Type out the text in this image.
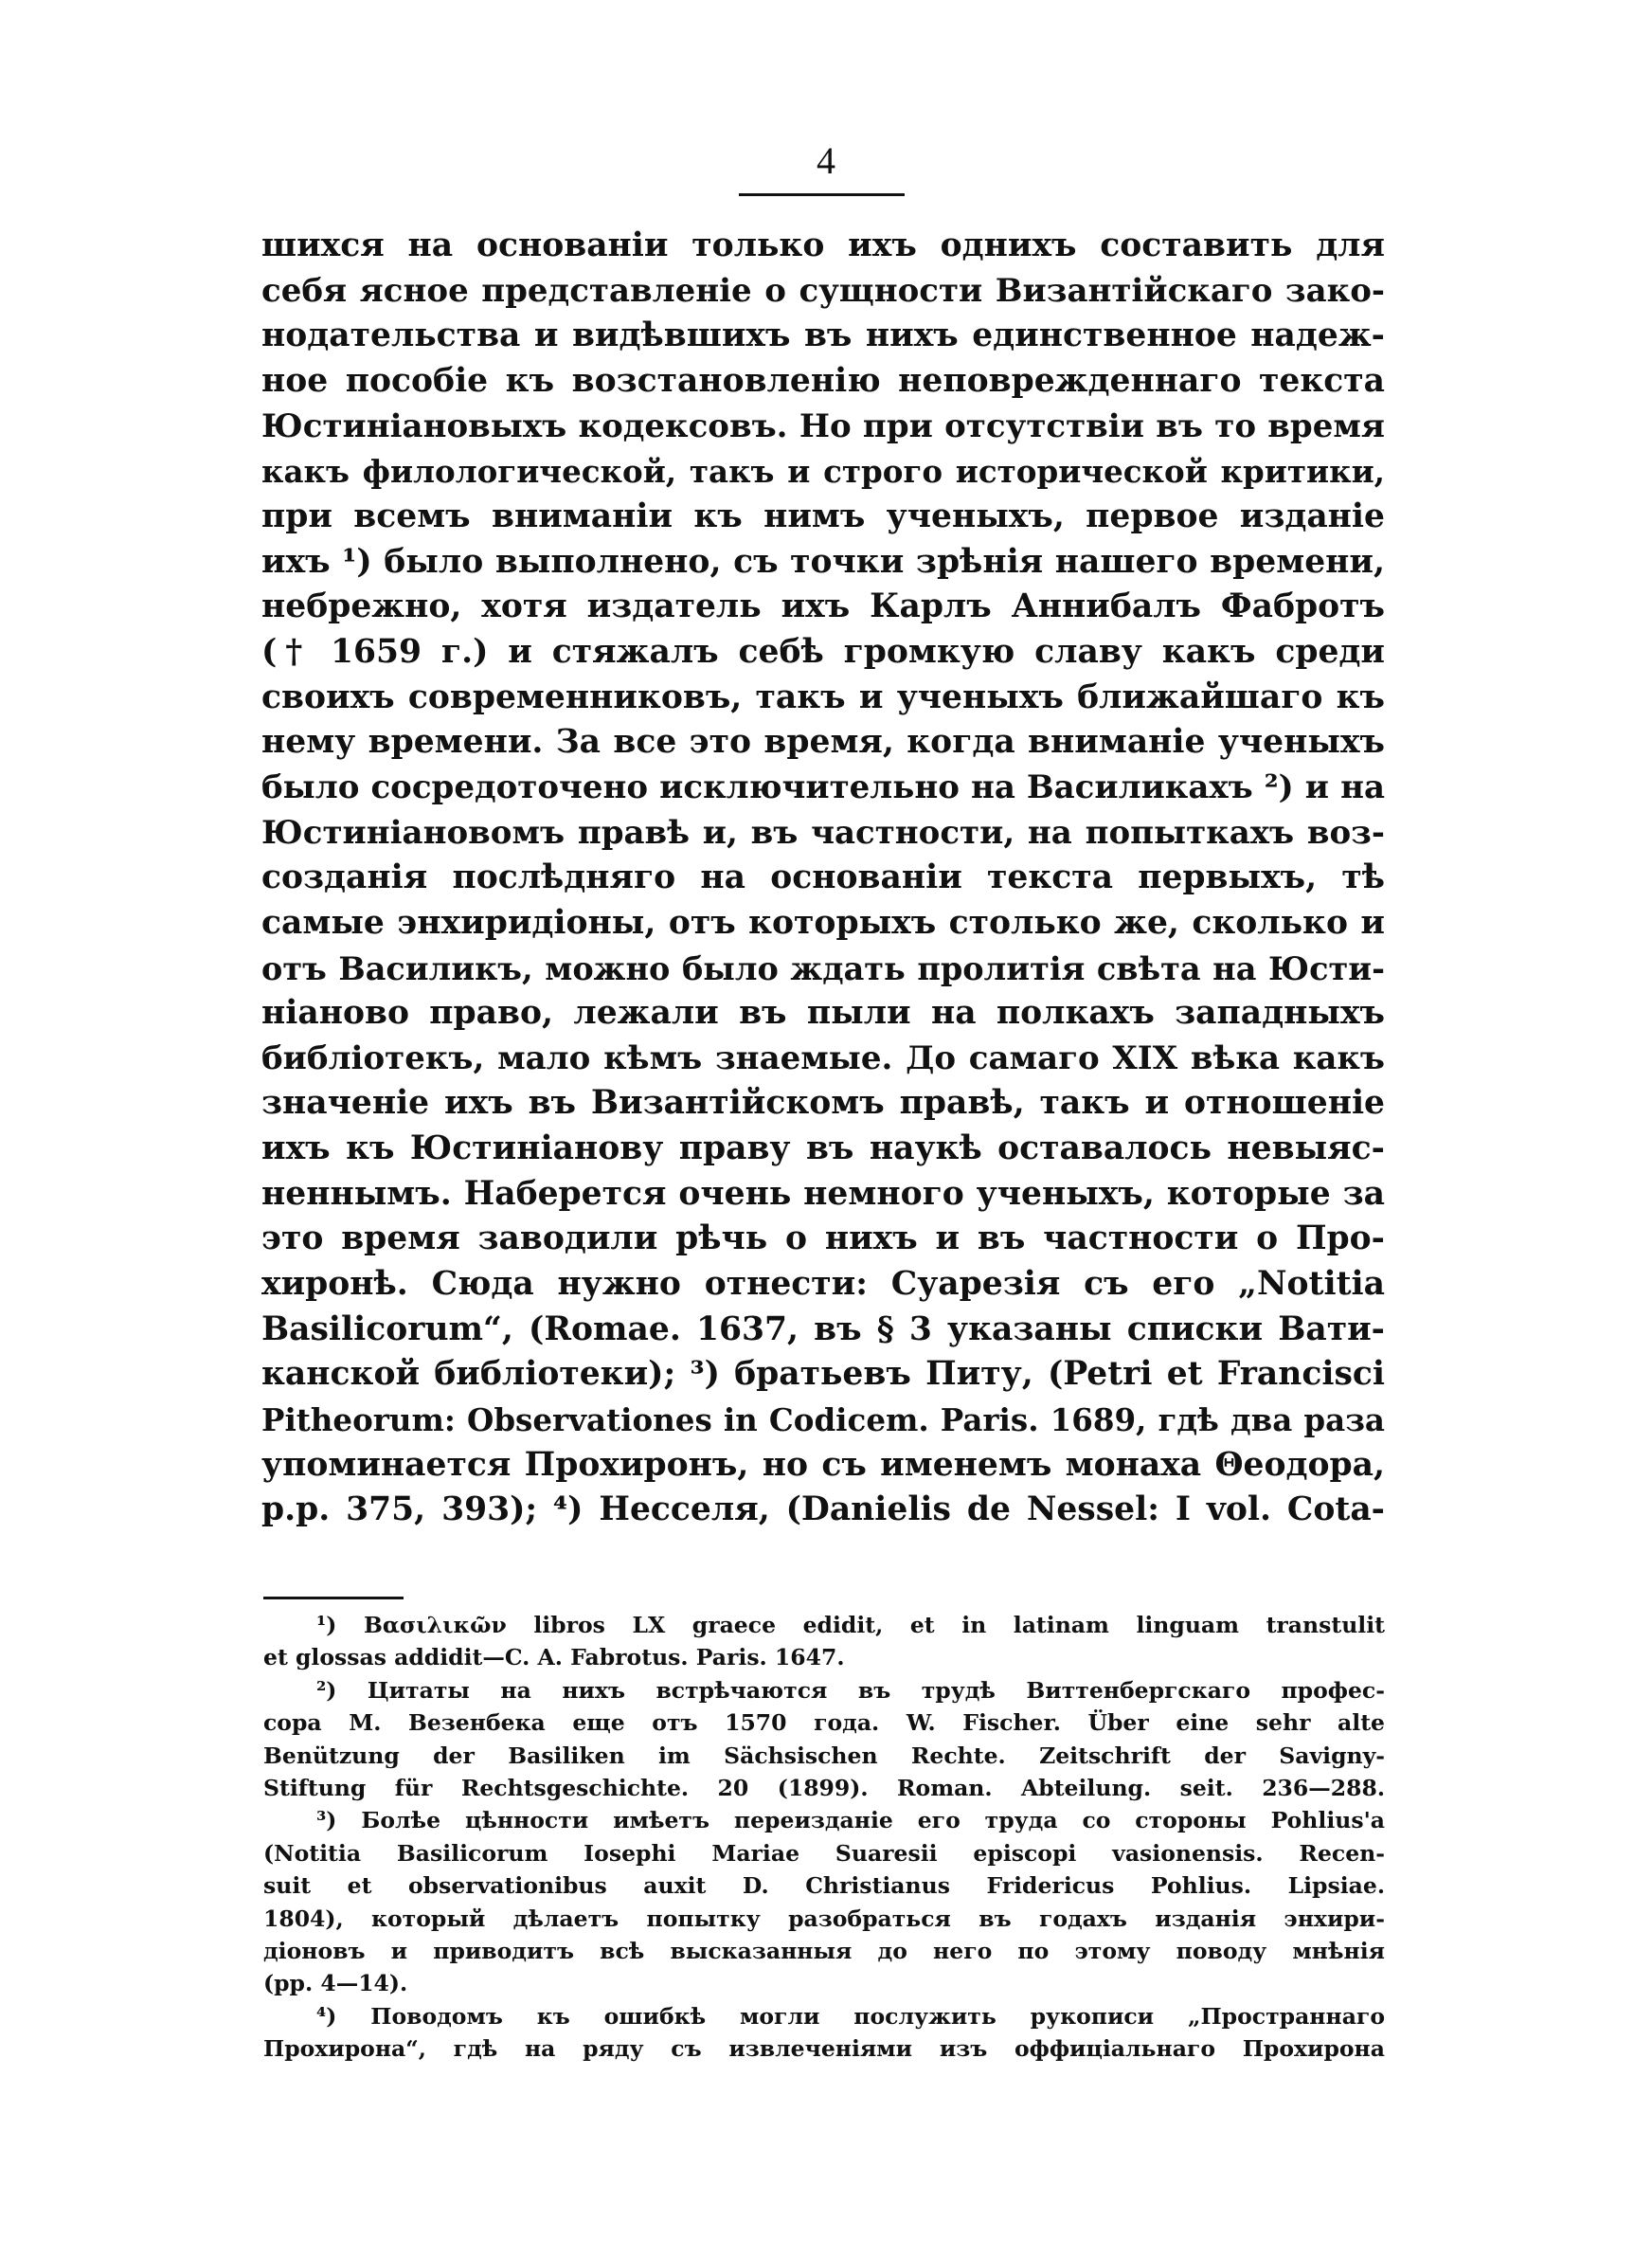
4

шихся на основанiи только ихъ однихъ составить для
себя ясное представленiе о сущности Византiйскаго зако-
нодательства и видѣвшихъ въ нихъ единственное надеж-
ное пособiе къ возстановленiю неповрежденнаго текста
Юстинiановыхъ кодексовъ. Но при отсутствiи въ то время
какъ филологической, такъ и строго исторической критики,
при всемъ вниманiи къ нимъ ученыхъ, первое изданiе
ихъ ¹) было выполнено, съ точки зрѣнiя нашего времени,
небрежно, хотя издатель ихъ Карлъ Аннибалъ Фабротъ
(† 1659 г.) и стяжалъ себѣ громкую славу какъ среди
своихъ современниковъ, такъ и ученыхъ ближайшаго къ
нему времени. За все это время, когда вниманiе ученыхъ
было сосредоточено исключительно на Василикахъ ²) и на
Юстинiановомъ правѣ и, въ частности, на попыткахъ воз-
созданiя послѣдняго на основанiи текста первыхъ, тѣ
самые энхиридiоны, отъ которыхъ столько же, сколько и
отъ Василикъ, можно было ждать пролитiя свѣта на Юсти-
нiаново право, лежали въ пыли на полкахъ западныхъ
библiотекъ, мало кѣмъ знаемые. До самаго XIX вѣка какъ
значенiе ихъ въ Византiйскомъ правѣ, такъ и отношенiе
ихъ къ Юстинiанову праву въ наукѣ оставалось невыяс-
неннымъ. Наберется очень немного ученыхъ, которые за
это время заводили рѣчь о нихъ и въ частности о Про-
хиронѣ. Сюда нужно отнести: Суарезiя съ его „Notitia
Basilicorum“, (Romae. 1637, въ § 3 указаны списки Вати-
канской библiотеки); ³) братьевъ Питу, (Petri et Francisci
Pitheorum: Observationes in Codicem. Paris. 1689, гдѣ два раза
упоминается Прохиронъ, но съ именемъ монаха Θеодора,
p.p. 375, 393); ⁴) Несселя, (Danielis de Nessel: I vol. Cota-
¹) Βασιλικῶν libros LX graece edidit, et in latinam linguam transtulit
et glossas addidit—C. A. Fabrotus. Paris. 1647.
²) Цитаты на нихъ встрѣчаются въ трудѣ Виттенбергскаго профес-
сора М. Везенбека еще отъ 1570 года. W. Fischer. Über eine sehr alte
Benützung der Basiliken im Sächsischen Rechte. Zeitschrift der Savigny-
Stiftung für Rechtsgeschichte. 20 (1899). Roman. Abteilung. seit. 236—288.
³) Болѣе цѣнности имѣетъ переизданiе его труда со стороны Pohlius'а
(Notitia Basilicorum Iosephi Mariae Suaresii episcopi vasionensis. Recen-
suit et observationibus auxit D. Christianus Fridericus Pohlius. Lipsiae.
1804), который дѣлаетъ попытку разобраться въ годахъ изданiя энхири-
дiоновъ и приводитъ всѣ высказанныя до него по этому поводу мнѣнiя
(pp. 4—14).
⁴) Поводомъ къ ошибкѣ могли послужить рукописи „Пространнаго
Прохирона“, гдѣ на ряду съ извлеченiями изъ оффицiальнаго Прохирона
